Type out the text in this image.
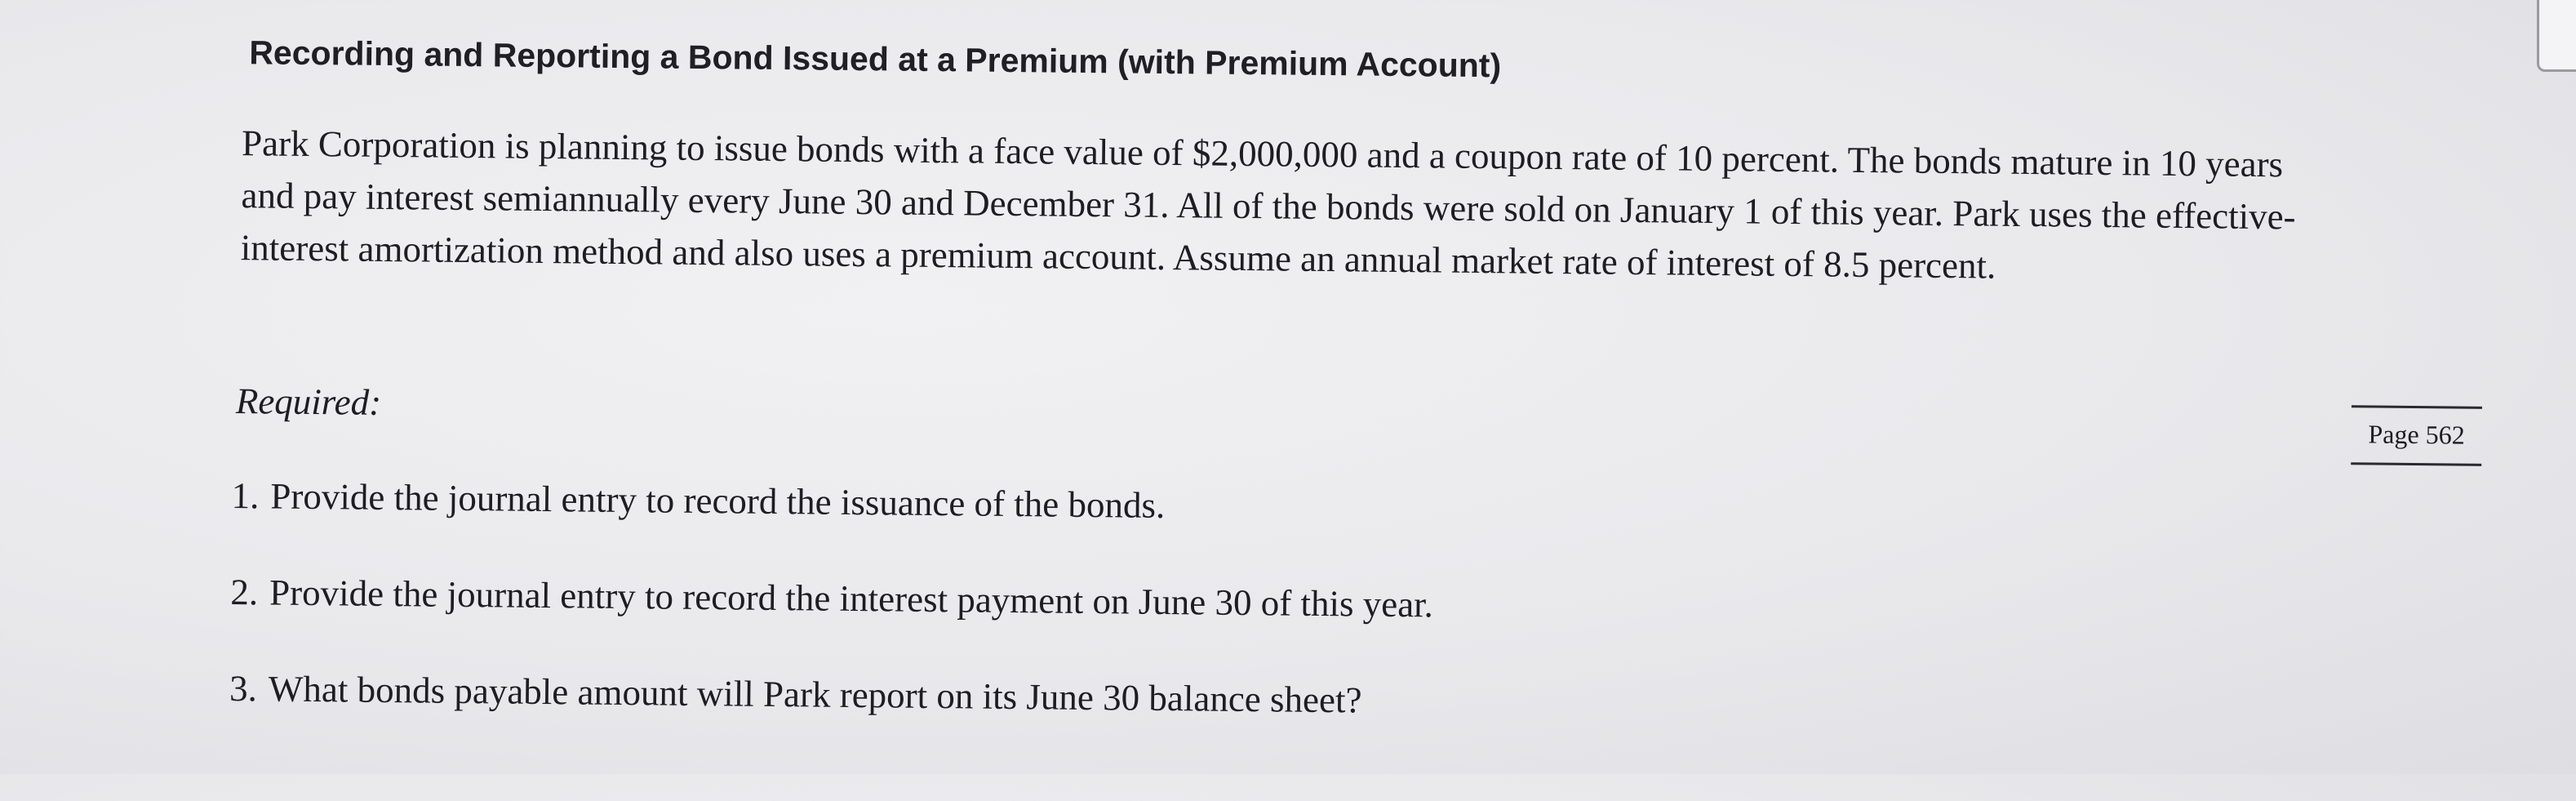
Recording and Reporting a Bond Issued at a Premium (with Premium Account)
Park Corporation is planning to issue bonds with a face value of $2,000,000 and a coupon rate of 10 percent. The bonds mature in 10 years
and pay interest semiannually every June 30 and December 31. All of the bonds were sold on January 1 of this year. Park uses the effective-
interest amortization method and also uses a premium account. Assume an annual market rate of interest of 8.5 percent.
Required:
Page 562
1. Provide the journal entry to record the issuance of the bonds.
2. Provide the journal entry to record the interest payment on June 30 of this year.
3. What bonds payable amount will Park report on its June 30 balance sheet?
